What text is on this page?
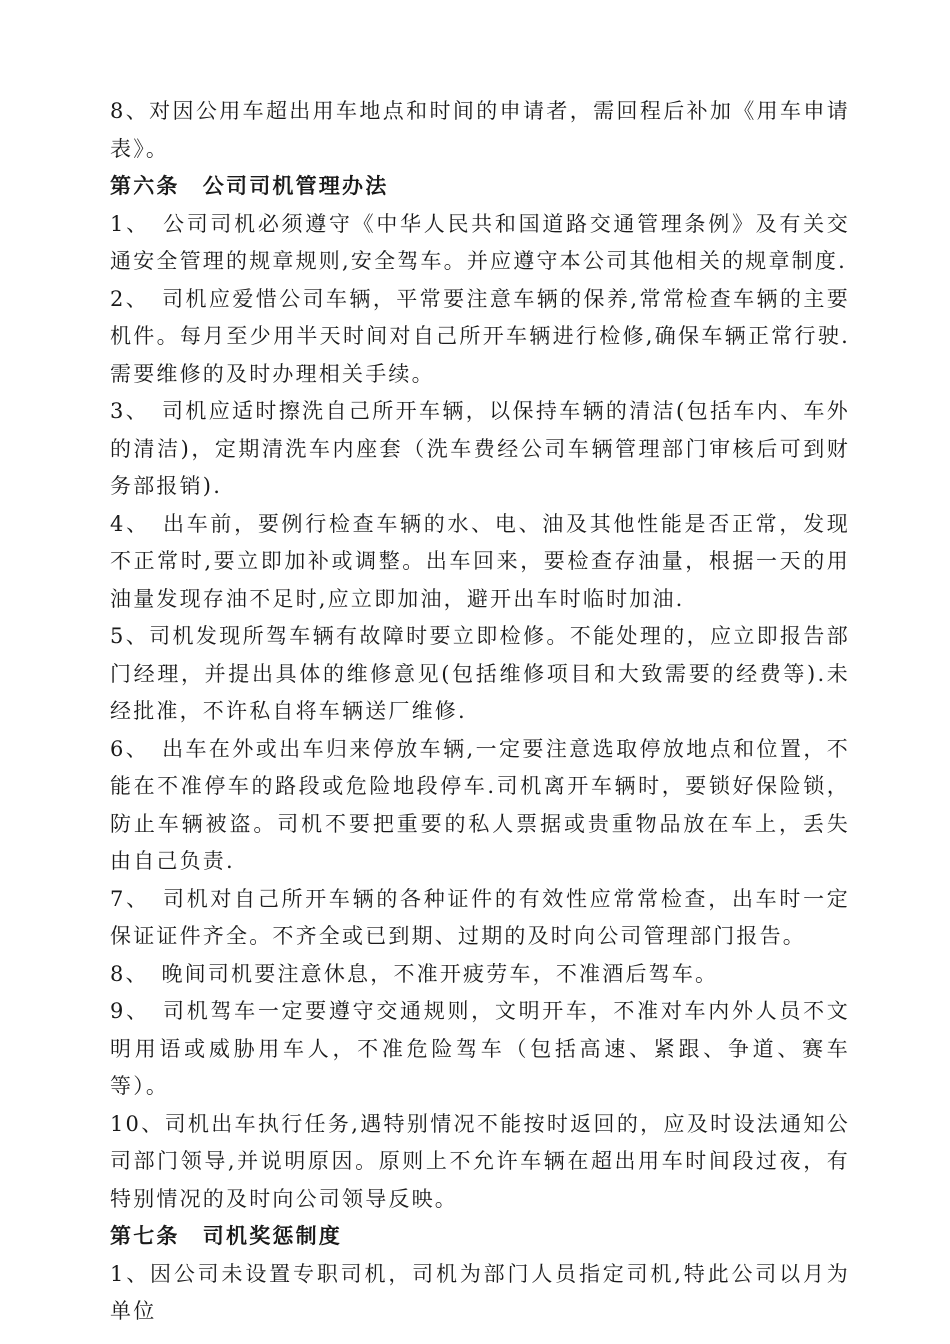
8、对因公用车超出用车地点和时间的申请者，需回程后补加《用车申请表》。

第六条　公司司机管理办法

1、　公司司机必须遵守《中华人民共和国道路交通管理条例》及有关交通安全管理的规章规则,安全驾车。并应遵守本公司其他相关的规章制度.

2、　司机应爱惜公司车辆，平常要注意车辆的保养,常常检查车辆的主要机件。每月至少用半天时间对自己所开车辆进行检修,确保车辆正常行驶.需要维修的及时办理相关手续。

3、　司机应适时擦洗自己所开车辆，以保持车辆的清洁(包括车内、车外的清洁)，定期清洗车内座套（洗车费经公司车辆管理部门审核后可到财务部报销).

4、　出车前，要例行检查车辆的水、电、油及其他性能是否正常，发现不正常时,要立即加补或调整。出车回来，要检查存油量，根据一天的用油量发现存油不足时,应立即加油，避开出车时临时加油.

5、司机发现所驾车辆有故障时要立即检修。不能处理的，应立即报告部门经理，并提出具体的维修意见(包括维修项目和大致需要的经费等).未经批准，不许私自将车辆送厂维修.

6、　出车在外或出车归来停放车辆,一定要注意选取停放地点和位置，不能在不准停车的路段或危险地段停车.司机离开车辆时，要锁好保险锁，防止车辆被盗。司机不要把重要的私人票据或贵重物品放在车上，丢失由自己负责.

7、　司机对自己所开车辆的各种证件的有效性应常常检查，出车时一定保证证件齐全。不齐全或已到期、过期的及时向公司管理部门报告。

8、　晚间司机要注意休息，不准开疲劳车，不准酒后驾车。

9、　司机驾车一定要遵守交通规则，文明开车，不准对车内外人员不文明用语或威胁用车人，不准危险驾车（包括高速、紧跟、争道、赛车等）。

10、司机出车执行任务,遇特别情况不能按时返回的，应及时设法通知公司部门领导,并说明原因。原则上不允许车辆在超出用车时间段过夜，有特别情况的及时向公司领导反映。

第七条　司机奖惩制度

1、因公司未设置专职司机，司机为部门人员指定司机,特此公司以月为单位
